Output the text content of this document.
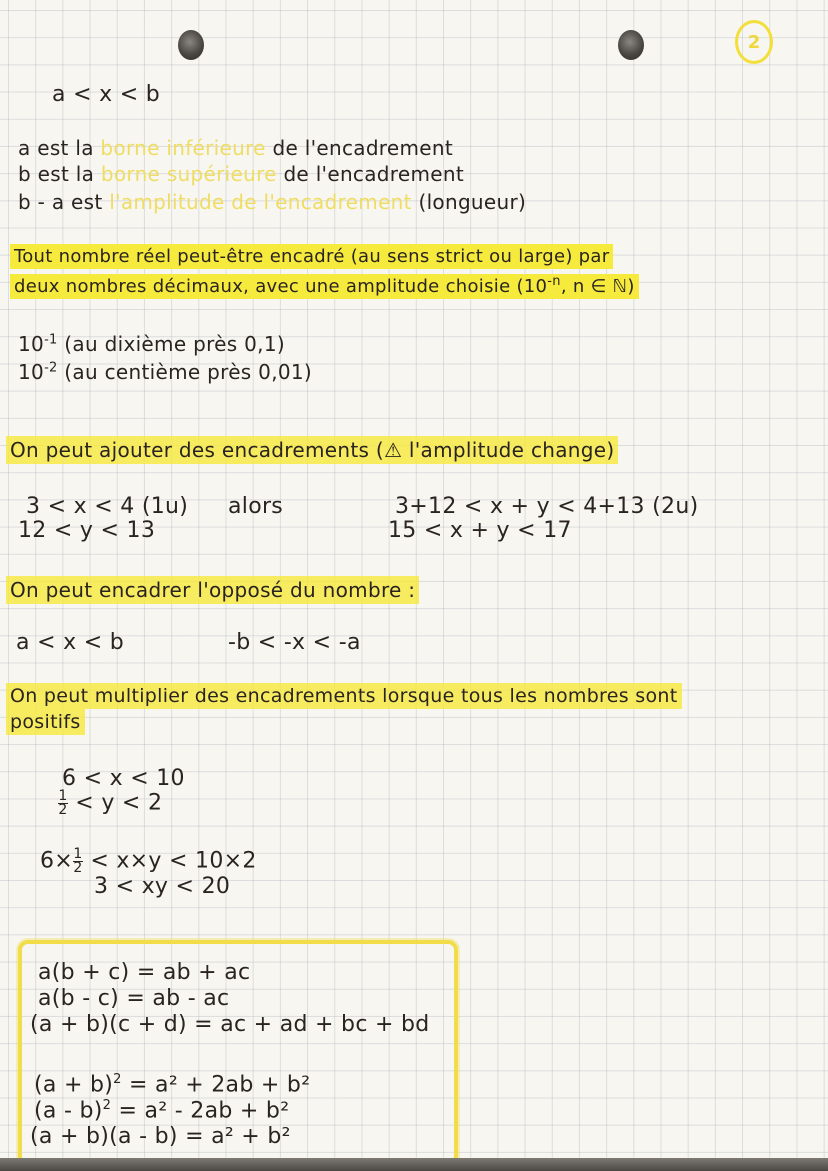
2
a < x < b
a est la borne inférieure de l'encadrement
b est la borne supérieure de l'encadrement
b - a est l'amplitude de l'encadrement (longueur)
Tout nombre réel peut-être encadré (au sens strict ou large) par
deux nombres décimaux, avec une amplitude choisie ($10^{-n}$, n ∈ ℕ)
$10^{-1}$ (au dixième près 0,1)
$10^{-2}$ (au centième près 0,01)
On peut ajouter des encadrements (⚠ l'amplitude change)
3 < x < 4 (1u) alors	3+12 < x + y < 4+13 (2u)
12 < y < 13	15 < x + y < 17
On peut encadrer l'opposé du nombre :
a < x < b	-b < -x < -a
On peut multiplier des encadrements lorsque tous les nombres sont
positifs
6 < x < 10
$\frac{1}{2} < y < 2$
$6\times \frac{1}{2} < x\times y < 10\times 2$
3 < xy < 20
a(b + c) = ab + ac
a(b - c) = ab - ac
(a + b)(c + d) = ac + ad + bc + bd
$(a + b)^2 = a^2 + 2ab + b^2$
(a - b)$^2$ = a² - 2ab + b²
(a + b)(a - b) = a² + b²
